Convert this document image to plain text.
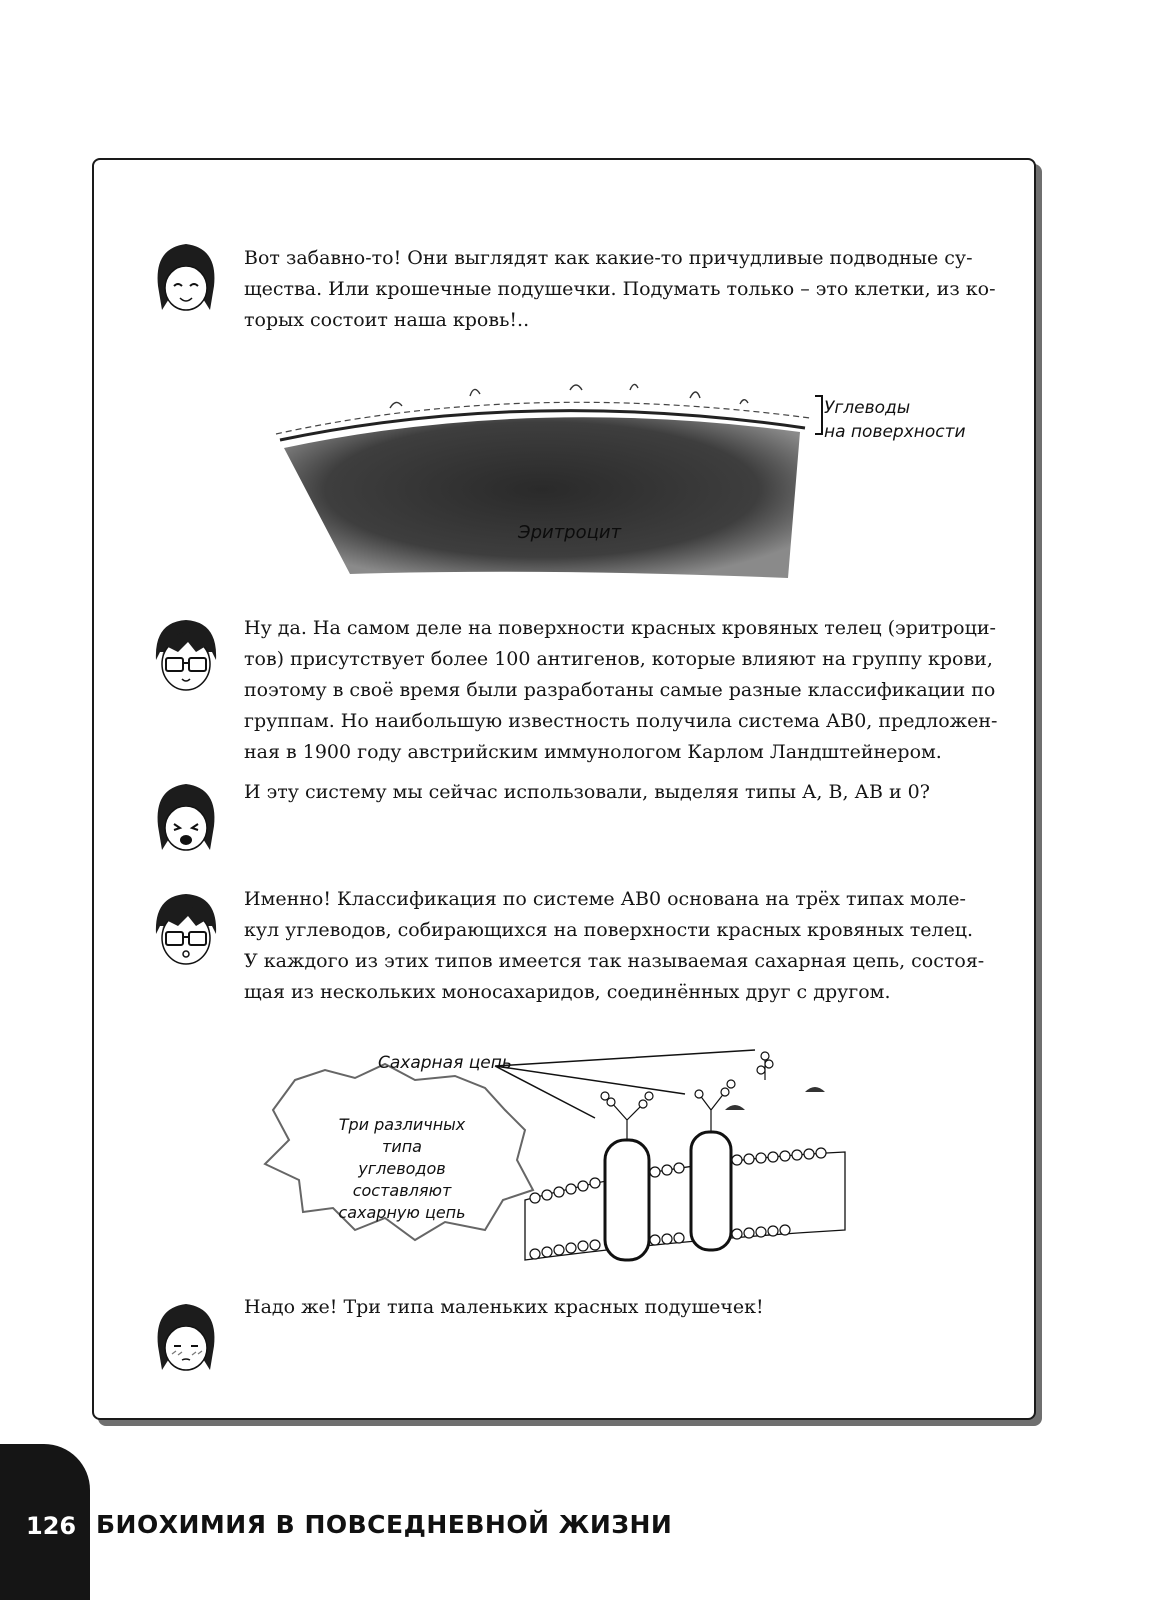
Вот забавно-то! Они выглядят как какие-то причудливые подводные су-
щества. Или крошечные подушечки. Подумать только – это клетки, из ко-
торых состоит наша кровь!..
Углеводы
на поверхности
Эритроцит
Ну да. На самом деле на поверхности красных кровяных телец (эритроци-
тов) присутствует более 100 антигенов, которые влияют на группу крови,
поэтому в своё время были разработаны самые разные классификации по
группам. Но наибольшую известность получила система АВ0, предложен-
ная в 1900 году австрийским иммунологом Карлом Ландштейнером.
И эту систему мы сейчас использовали, выделяя типы А, В, АВ и 0?
Именно! Классификация по системе АВ0 основана на трёх типах моле-
кул углеводов, собирающихся на поверхности красных кровяных телец.
У каждого из этих типов имеется так называемая сахарная цепь, состоя-
щая из нескольких моносахаридов, соединённых друг с другом.
Сахарная цепь
Три различных типа
углеводов составляют
сахарную цепь
Надо же! Три типа маленьких красных подушечек!
126 БИОХИМИЯ В ПОВСЕДНЕВНОЙ ЖИЗНИ
